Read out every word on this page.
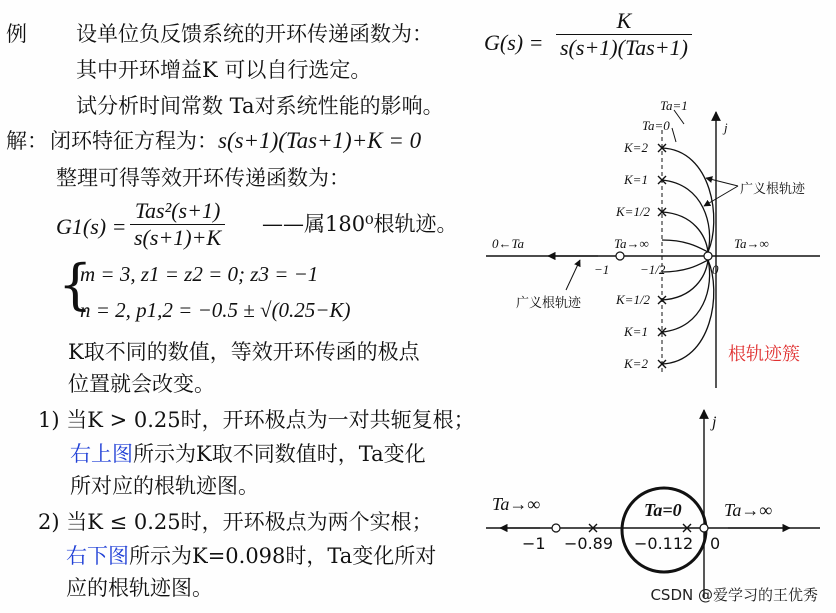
例 设单位负反馈系统的开环传递函数为：
其中开环增益K 可以自行选定。
试分析时间常数 Ta对系统性能的影响。
解： 闭环特征方程为： s(s+1)(Tas+1)+K = 0
整理可得等效开环传递函数为：
$G1(s) = \frac{\text{Tas²(s+1)}}{s(s+1)+K}$ ——属180⁰根轨迹。
{
m = 3, z1 = z2 = 0; z3 = −1
n = 2, p1,2 = −0.5 ± √(0.25−K)
K取不同的数值，等效开环传函的极点
位置就会改变。
1) 当K > 0.25时，开环极点为一对共轭复根；
右上图所示为K取不同数值时，Ta变化
所对应的根轨迹图。
2) 当K ≤ 0.25时，开环极点为两个实根；
右下图所示为K=0.098时，Ta变化所对
应的根轨迹图。
$G(s) = \frac{K}{\text{s(s+1)(Tas+1)}}$
Ta=1
Ta=0	j
K=2
K=1
K=1/2
广义根轨迹
Ta→∞	Ta→∞
0←Ta
−1 −1/2	0
广义根轨迹	K=1/2
K=1
K=2	根轨迹簇
j
Ta→∞	Ta=0 Ta→∞
−1 −0.89 −0.112 0
CSDN @爱学习的王优秀
